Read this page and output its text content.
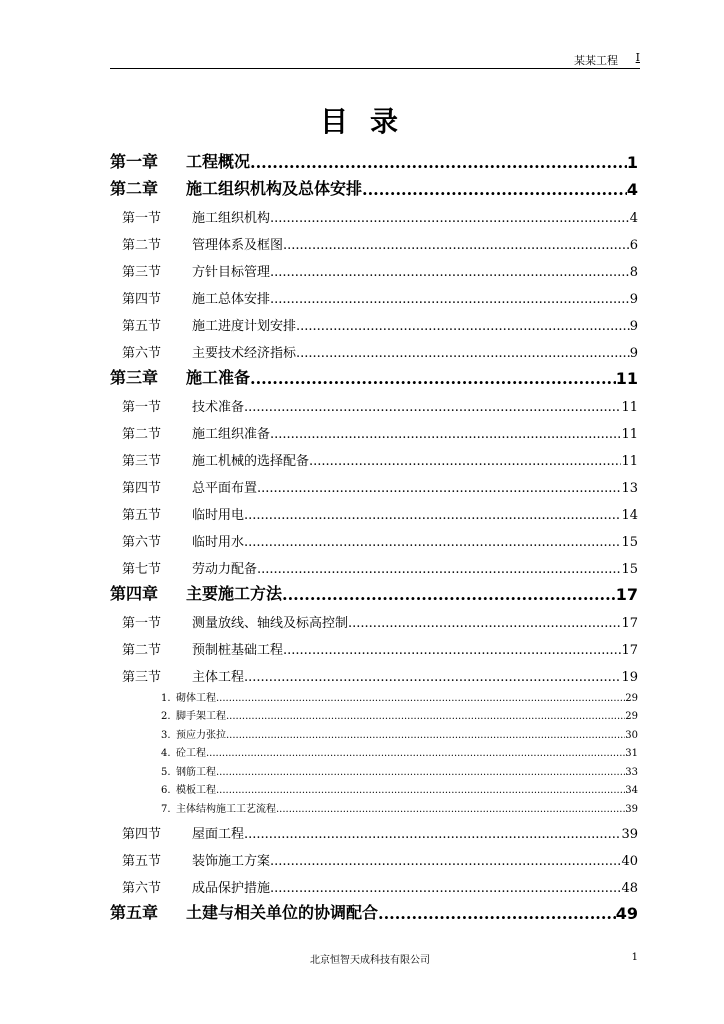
某某工程 I
目录
第一章	工程概况 .....	1
第二章	施工组织机构及总体安排 .....	4
第一节	施工组织机构 .....	4
第二节	管理体系及框图 .....	6
第三节	方针目标管理 .....	8
第四节	施工总体安排 .....	9
第五节	施工进度计划安排 .....	9
第六节	主要技术经济指标 .....	9
第三章	施工准备 .....	11
第一节	技术准备 .....	11
第二节	施工组织准备 .....	11
第三节	施工机械的选择配备 .....	11
第四节	总平面布置 .....	13
第五节	临时用电 .....	14
第六节	临时用水 .....	15
第七节	劳动力配备 .....	15
第四章	主要施工方法 .....	17
第一节	测量放线、轴线及标高控制 .....	17
第二节	预制桩基础工程 .....	17
第三节	主体工程 .....	19
1. 砌体工程 .....	29
2. 脚手架工程 .....	29
3. 预应力张拉 .....	30
4. 砼工程 .....	31
5. 钢筋工程 .....	33
6. 模板工程 .....	34
7. 主体结构施工工艺流程 .....	39
第四节	屋面工程 .....	39
第五节	装饰施工方案 .....	40
第六节	成品保护措施 .....	48
第五章	土建与相关单位的协调配合 .....	49
北京恒智天成科技有限公司	1
